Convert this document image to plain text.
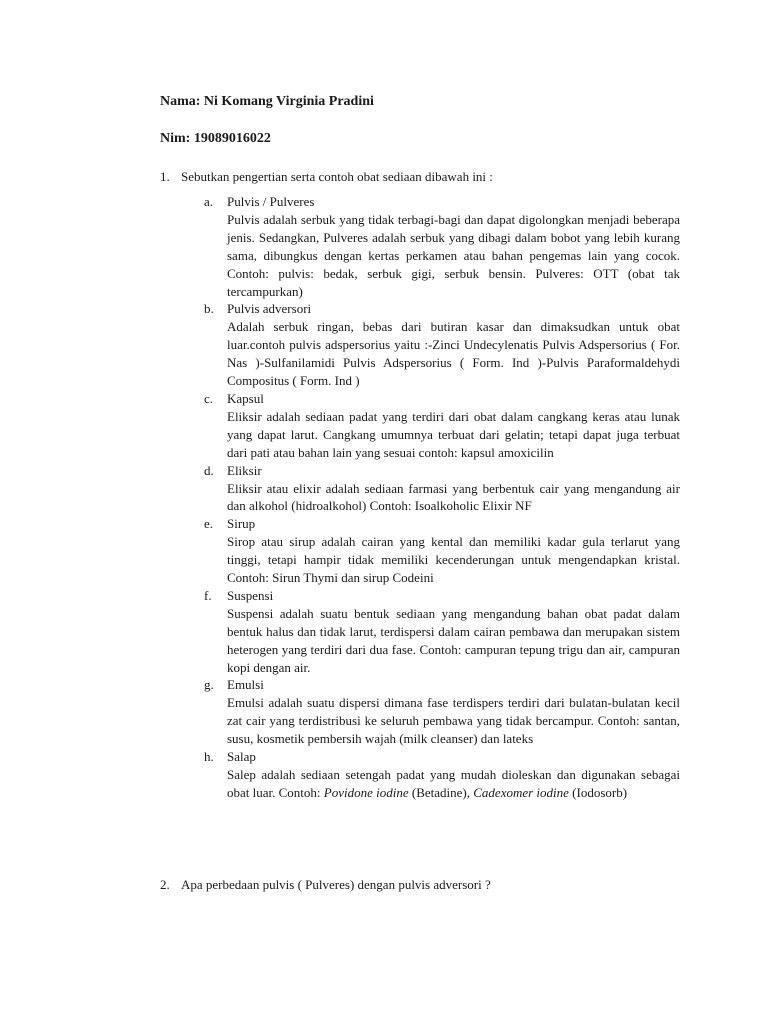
Nama: Ni Komang Virginia Pradini
Nim: 19089016022
1. Sebutkan pengertian serta contoh obat sediaan dibawah ini :
a.	Pulvis / Pulveres
Pulvis adalah serbuk yang tidak terbagi-bagi dan dapat digolongkan menjadi beberapa jenis. Sedangkan, Pulveres adalah serbuk yang dibagi dalam bobot yang lebih kurang sama, dibungkus dengan kertas perkamen atau bahan pengemas lain yang cocok. Contoh: pulvis: bedak, serbuk gigi, serbuk bensin. Pulveres: OTT (obat tak tercampurkan)
b.	Pulvis adversori
Adalah serbuk ringan, bebas dari butiran kasar dan dimaksudkan untuk obat luar.contoh pulvis adspersorius yaitu :-Zinci Undecylenatis Pulvis Adspersorius ( For. Nas )-Sulfanilamidi Pulvis Adspersorius ( Form. Ind )-Pulvis Paraformaldehydi Compositus ( Form. Ind )
c.	Kapsul
Eliksir adalah sediaan padat yang terdiri dari obat dalam cangkang keras atau lunak yang dapat larut. Cangkang umumnya terbuat dari gelatin; tetapi dapat juga terbuat dari pati atau bahan lain yang sesuai contoh: kapsul amoxicilin
d.	Eliksir
Eliksir atau elixir adalah sediaan farmasi yang berbentuk cair yang mengandung air dan alkohol (hidroalkohol) Contoh: Isoalkoholic Elixir NF
e.	Sirup
Sirop atau sirup adalah cairan yang kental dan memiliki kadar gula terlarut yang tinggi, tetapi hampir tidak memiliki kecenderungan untuk mengendapkan kristal. Contoh: Sirun Thymi dan sirup Codeini
f.	Suspensi
Suspensi adalah suatu bentuk sediaan yang mengandung bahan obat padat dalam bentuk halus dan tidak larut, terdispersi dalam cairan pembawa dan merupakan sistem heterogen yang terdiri dari dua fase. Contoh: campuran tepung trigu dan air, campuran kopi dengan air.
g.	Emulsi
Emulsi adalah suatu dispersi dimana fase terdispers terdiri dari bulatan-bulatan kecil zat cair yang terdistribusi ke seluruh pembawa yang tidak bercampur. Contoh: santan, susu, kosmetik pembersih wajah (milk cleanser) dan lateks
h.	Salap
Salep adalah sediaan setengah padat yang mudah dioleskan dan digunakan sebagai obat luar. Contoh: Povidone iodine (Betadine), Cadexomer iodine (Iodosorb)
2. Apa perbedaan pulvis ( Pulveres) dengan pulvis adversori ?
